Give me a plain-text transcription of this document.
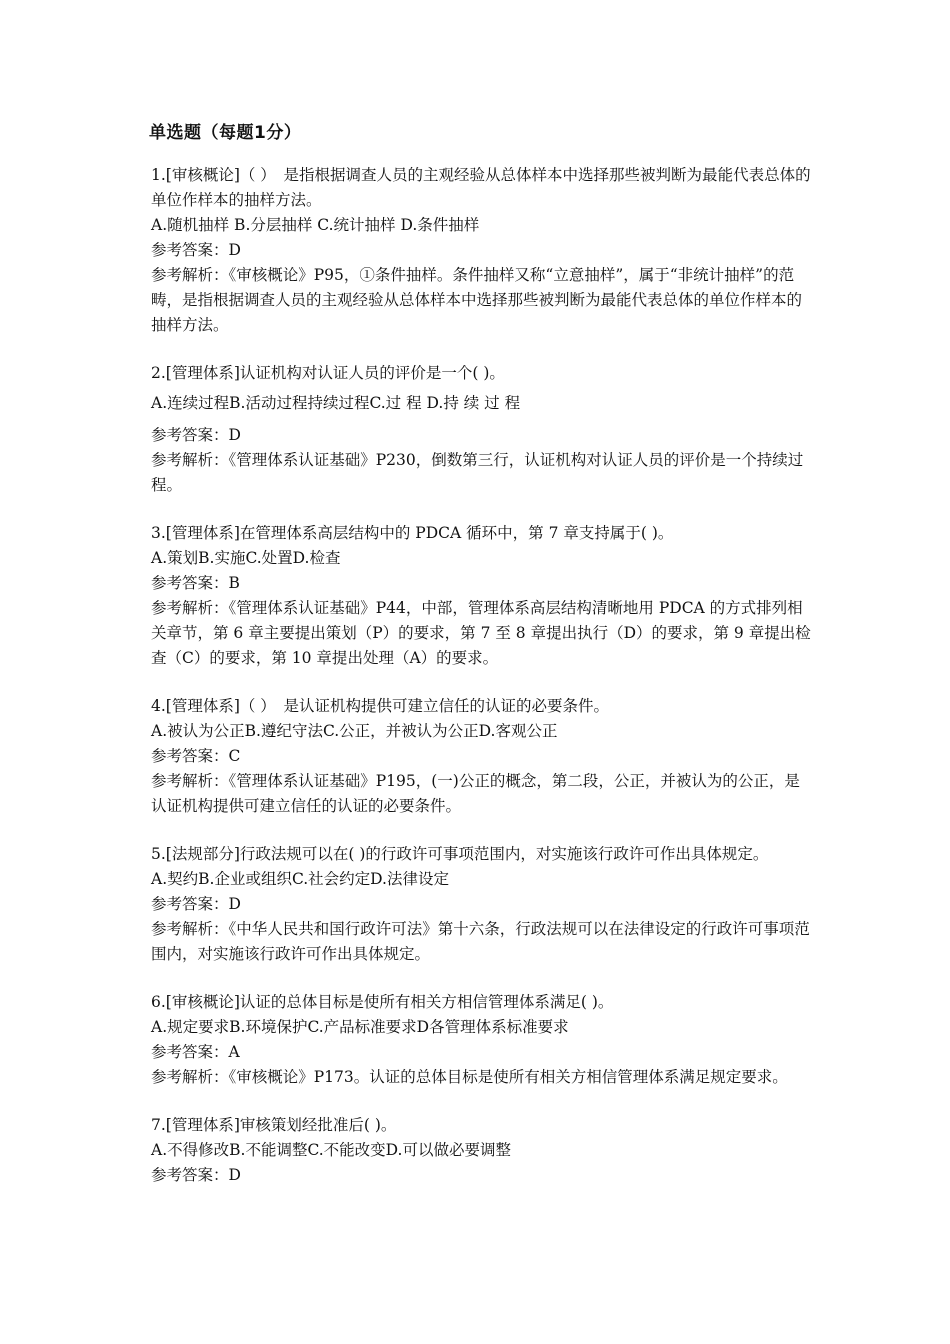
单选题（每题1分）
1.[审核概论]（ ）　是指根据调查人员的主观经验从总体样本中选择那些被判断为最能代表总体的单位作样本的抽样方法。
A.随机抽样 B.分层抽样 C.统计抽样 D.条件抽样
参考答案：D
参考解析：《审核概论》P95，①条件抽样。条件抽样又称“立意抽样”，属于“非统计抽样”的范畴，是指根据调查人员的主观经验从总体样本中选择那些被判断为最能代表总体的单位作样本的抽样方法。
2.[管理体系]认证机构对认证人员的评价是一个( )。
A.连续过程B.活动过程持续过程C.过 程 D.持 续 过 程
参考答案：D
参考解析：《管理体系认证基础》P230，倒数第三行，认证机构对认证人员的评价是一个持续过程。
3.[管理体系]在管理体系高层结构中的 PDCA 循环中，第 7 章支持属于( )。
A.策划B.实施C.处置D.检查
参考答案：B
参考解析：《管理体系认证基础》P44，中部，管理体系高层结构清晰地用 PDCA 的方式排列相关章节，第 6 章主要提出策划（P）的要求，第 7 至 8 章提出执行（D）的要求，第 9 章提出检查（C）的要求，第 10 章提出处理（A）的要求。
4.[管理体系]（ ）　是认证机构提供可建立信任的认证的必要条件。
A.被认为公正B.遵纪守法C.公正，并被认为公正D.客观公正
参考答案：C
参考解析：《管理体系认证基础》P195，(一)公正的概念，第二段，公正，并被认为的公正，是认证机构提供可建立信任的认证的必要条件。
5.[法规部分]行政法规可以在( )的行政许可事项范围内，对实施该行政许可作出具体规定。
A.契约B.企业或组织C.社会约定D.法律设定
参考答案：D
参考解析：《中华人民共和国行政许可法》第十六条，行政法规可以在法律设定的行政许可事项范围内，对实施该行政许可作出具体规定。
6.[审核概论]认证的总体目标是使所有相关方相信管理体系满足( )。
A.规定要求B.环境保护C.产品标准要求D各管理体系标准要求
参考答案：A
参考解析：《审核概论》P173。认证的总体目标是使所有相关方相信管理体系满足规定要求。
7.[管理体系]审核策划经批准后( )。
A.不得修改B.不能调整C.不能改变D.可以做必要调整
参考答案：D
